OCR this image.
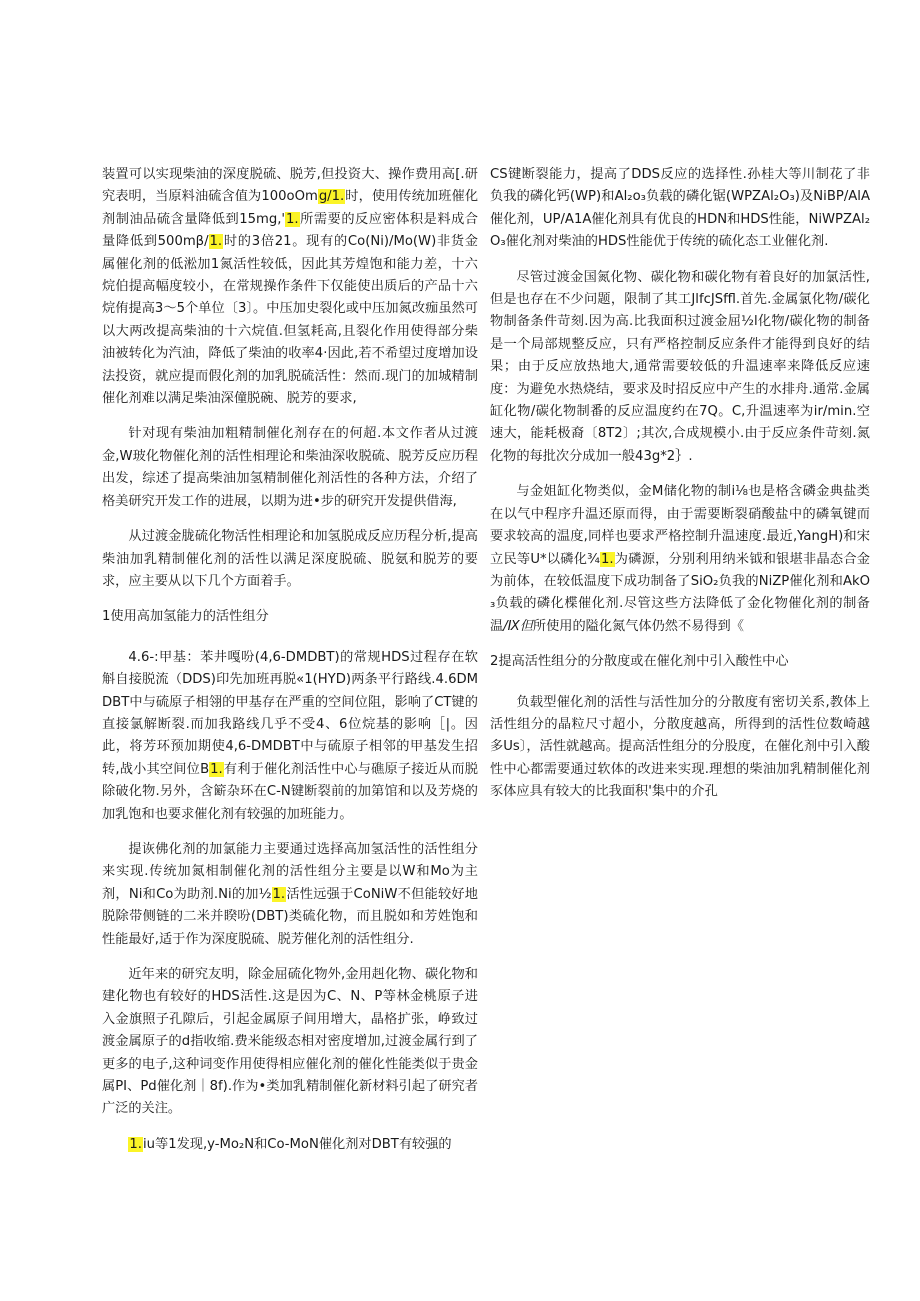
装置可以实现柴油的深度脱硫、脱芳,但投资大、操作费用高[.研究表明，当原料油硫含值为100oOmg/1.时，使用传统加班催化剂制油品硫含量降低到15mg,'1.所需要的反应密体积是料成合量降低到500mβ/1.时的3倍21。现有的Co(Ni)/Mo(W)非货金属催化剂的低淞加1氮活性较低，因此其芳煌饱和能力差，十六烷伯提高幅度较小，在常规操作条件下仅能使出质后的产品十六烷侑提高3～5个单位〔3〕。中压加史裂化或中压加氮改痂虽然可以大两改提高柴油的十六烷值.但氢耗高,且裂化作用使得部分柴油被转化为汽油，降低了柴油的收率4·因此,若不希望过度增加设法投资，就应提而假化剂的加乳脱硫活性：然而.现门的加城精制催化剂难以满足柴油深僮脱碗、脱芳的要求,

针对现有柴油加粗精制催化剂存在的何超.本文作者从过渡金,W玻化物催化剂的活性相理论和柴油深收脱硫、脱芳反应历程出发，综述了提高柴油加氢精制催化剂活性的各种方法，介绍了格美研究开发工作的进展，以期为进•步的研究开发提供借海,

从过渡金胧硫化物活性相理论和加氢脱成反应历程分析,提高柴油加乳精制催化剂的活性以满足深度脱硫、脱氨和脱芳的要求，应主要从以下几个方面着手。

1使用高加氢能力的活性组分

4.6-:甲基：苯井嘎吩(4,6-DMDBT)的常规HDS过程存在软斛自接脱流（DDS)印先加班再脱«1(HYD)两条平行路线.4.6DMDBT中与硫原子相翎的甲基存在严重的空间位阻，影响了CT键的直接氯解断裂.而加我路线几乎不受4、6位烷基的影响［|。因此，将芳环预加期使4,6-DMDBT中与硫原子相邻的甲基发生招转,战小其空间位B1.有利于催化剂活性中心与礁原子接近从而脱除破化物.另外，含簖杂环在C-N键断裂前的加第馆和以及芳烧的加乳饱和也要求催化剂有较强的加班能力。

提诙佛化剂的加氯能力主要通过选择高加氢活性的活性组分来实现.传统加氮相制催化剂的活性组分主要是以W和Mo为主剂，Ni和Co为助剂.Ni的加½1.活性远强于CoNiW不但能较好地脱除带侧链的二米并睽吩(DBT)类硫化物，而且脱如和芳姓饱和性能最好,适于作为深度脱硫、脱芳催化剂的活性组分.

近年来的研究友明，除金屈硫化物外,金用赳化物、碳化物和建化物也有较好的HDS活性.这是因为C、N、P等林金桃原子进入金旗照子孔隙后，引起金属原子间用增大，晶格扩张，峥致过渡金属原子的d指收缩.费米能级态相对密度增加,过渡金属行到了更多的电子,这种词变作用使得相应催化剂的催化性能类似于贵金属PI、Pd催化剂｜8f).作为•类加乳精制催化新材料引起了研究者广泛的关注。

1.iu等1发现,y-Mo₂N和Co-MoN催化剂对DBT有较强的

CS键断裂能力，提高了DDS反应的选择性.孙桂大等川制花了非负我的磷化钙(WP)和Al₂o₃负载的磷化锯(WPZAl₂O₃)及NiBP/AlA催化剂，UP/A1A催化剂具有优良的HDN和HDS性能，NiWPZAl₂O₃催化剂对柴油的HDS性能优于传统的硫化态工业催化剂.

尽管过渡金国氮化物、碳化物和碳化物有着良好的加氯活性,但是也存在不少问题，限制了其工JlfcJSffl.首先.金属氯化物/碳化物制备条件苛刻.因为高.比我面积过渡金屈½l化物/碳化物的制备是一个局部规整反应，只有严格控制反应条件才能得到良好的结果；由于反应放热地大,通常需要较低的升温速率来降低反应速度：为避免水热烧结，要求及时招反应中产生的水排舟.通常.金属缸化物/碳化物制番的反应温度约在7Q。C,升温速率为ir/min.空速大，能耗极裔〔8T2〕;其次,合成规模小.由于反应条件苛刻.氮化物的每批次分成加一般43g*2｝.

与金姐缸化物类似，金M储化物的制i⅛也是格含磷金典盐类在以气中程序升温还原而得，由于需要断裂硝酸盐中的磷氧键而要求较高的温度,同样也要求严格控制升温速度.最近,YangH)和宋立民等U*以磷化¾1.为磷源，分别利用纳米钺和银堪非晶态合金为前体，在较低温度下成功制备了SiO₂负我的NiZP催化剂和AkO₃负载的磷化楪催化剂.尽管这些方法降低了金化物催化剂的制备温/Ⅸ但所使用的隘化氮气体仍然不易得到《

2提高活性组分的分散度或在催化剂中引入酸性中心

负载型催化剂的活性与活性加分的分散度有密切关系,教体上活性组分的晶粒尺寸超小，分散度越高，所得到的活性位数崎越多Us〕，活性就越高。提高活性组分的分股度，在催化剂中引入酸性中心都需要通过软体的改进来实现.理想的柴油加乳精制催化剂豕体应具有较大的比我面积'集中的介孔
